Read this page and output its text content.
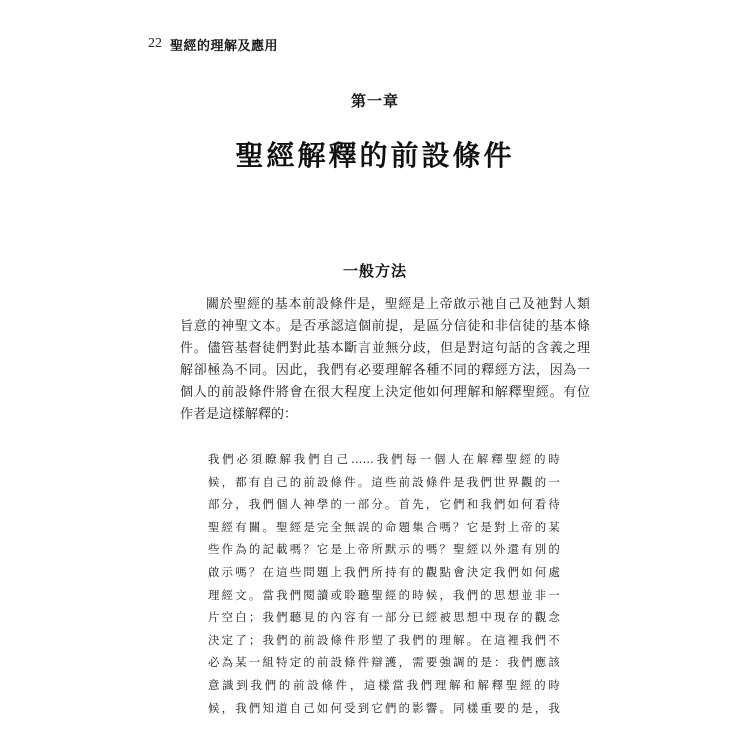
22 聖經的理解及應用
第一章
聖經解釋的前設條件
一般方法

關於聖經的基本前設條件是，聖經是上帝啟示祂自己及祂對人類
旨意的神聖文本。是否承認這個前提，是區分信徒和非信徒的基本條
件。儘管基督徒們對此基本斷言並無分歧，但是對這句話的含義之理
解卻極為不同。因此，我們有必要理解各種不同的釋經方法，因為一
個人的前設條件將會在很大程度上決定他如何理解和解釋聖經。有位
作者是這樣解釋的：

我們必須瞭解我們自己……我們每一個人在解釋聖經的時
候，都有自己的前設條件。這些前設條件是我們世界觀的一
部分，我們個人神學的一部分。首先，它們和我們如何看待
聖經有關。聖經是完全無誤的命題集合嗎？它是對上帝的某
些作為的記載嗎？它是上帝所默示的嗎？聖經以外還有別的
啟示嗎？在這些問題上我們所持有的觀點會決定我們如何處
理經文。當我們閱讀或聆聽聖經的時候，我們的思想並非一
片空白；我們聽見的內容有一部分已經被思想中現存的觀念
決定了；我們的前設條件形塑了我們的理解。在這裡我們不
必為某一組特定的前設條件辯護，需要強調的是：我們應該
意識到我們的前設條件，這樣當我們理解和解釋聖經的時
候，我們知道自己如何受到它們的影響。同樣重要的是，我
